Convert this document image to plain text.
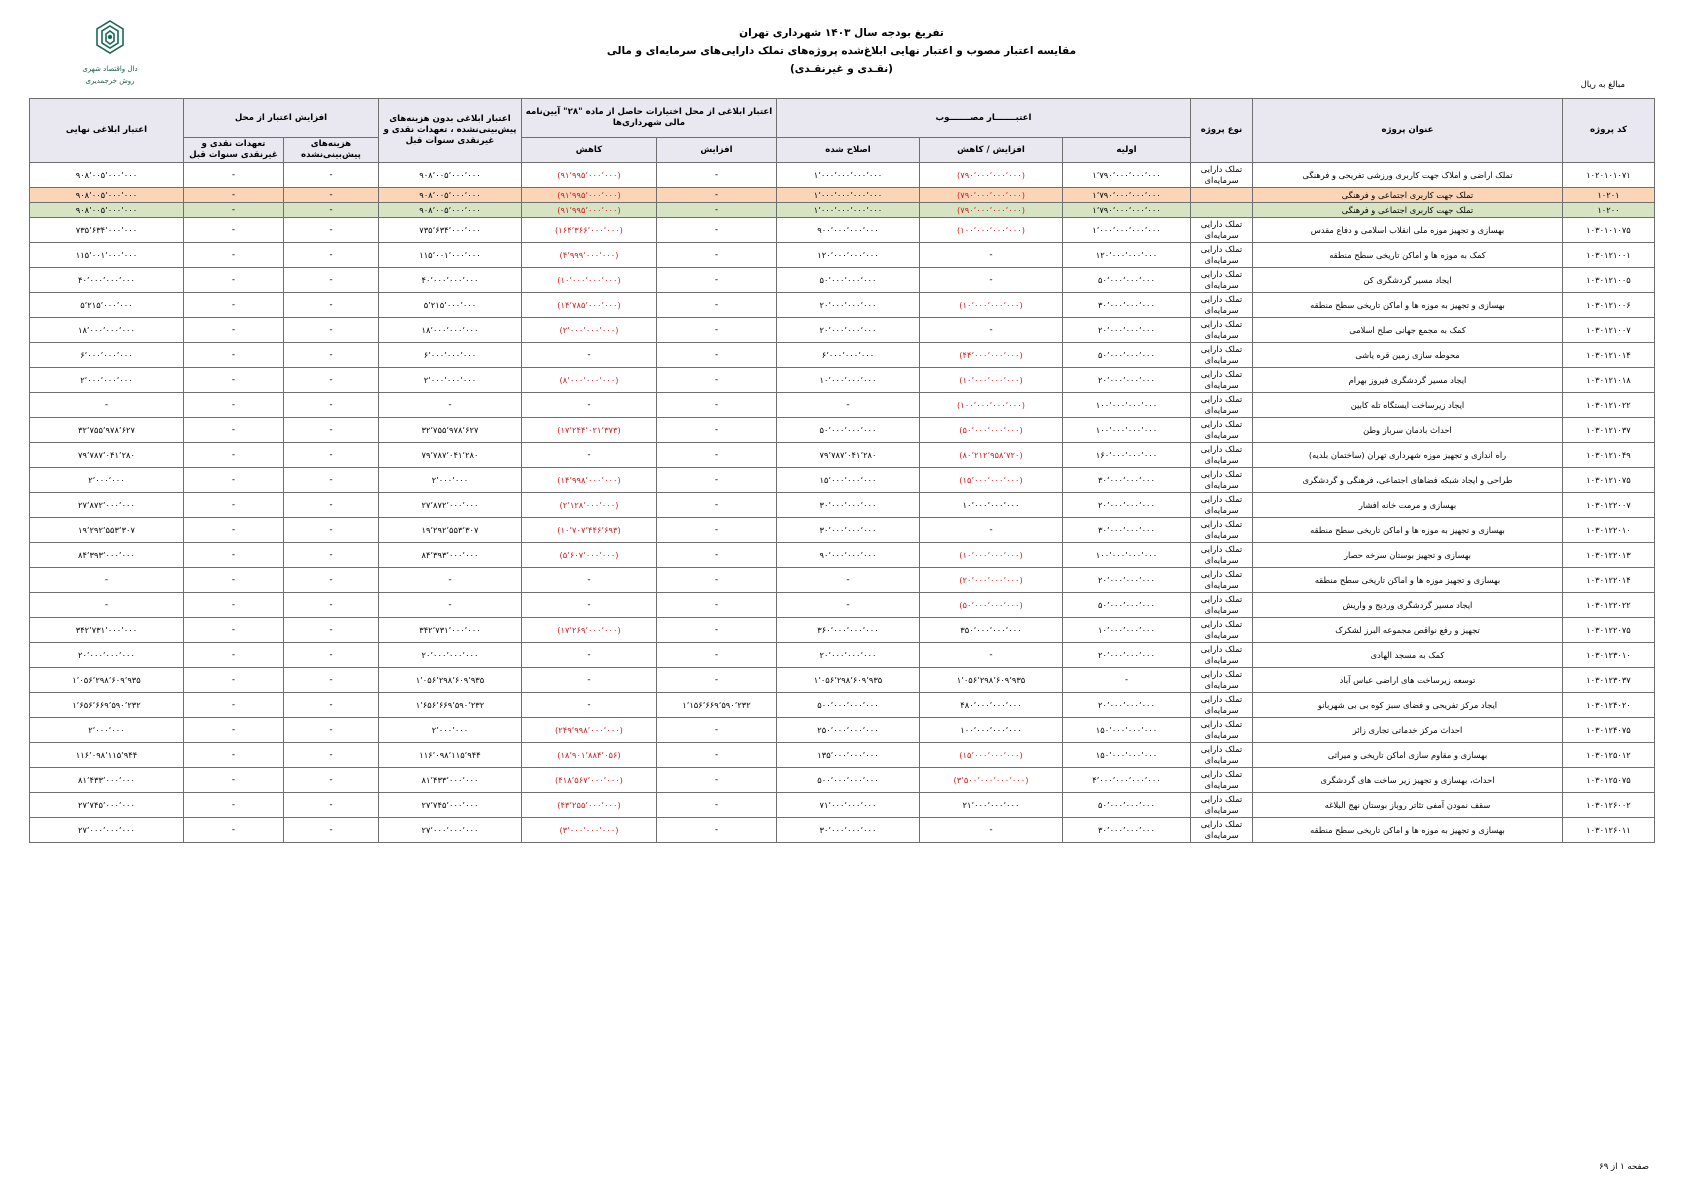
تفریغ بودجه سال ۱۴۰۳ شهرداری تهران
مقایسه اعتبار مصوب و اعتبار نهایی ابلاغ‌شده پروژه‌های تملک دارایی‌های سرمایه‌ای و مالی
(نقـدی و غیرنقـدی)
دال واقتصاد شهری
روش خرجمدیری	مبالغ به ریال
کد پروژه	عنوان پروژه	نوع پروژه	اعتبـــــــار مصـــــــوب			اعتبار ابلاغی از محل اختیارات حاصل از ماده "۲۸" آیین‌نامه مالی شهرداری‌ها		اعتبار ابلاغی بدون هزینه‌های پیش‌بینی‌نشده ، تعهدات نقدی و غیرنقدی سنوات قبل	افزایش اعتبار از محل		اعتبار ابلاغی نهایی
			اولیه	افزایش / کاهش	اصلاح شده	افزایش	کاهش		هزینه‌های پیش‌بینی‌نشده	تعهدات نقدی و غیرنقدی سنوات قبل	
۱۰۲۰۱۰۱۰۷۱	تملک اراضی و املاک جهت کاربری ورزشی تفریحی و فرهنگی	تملک دارایی سرمایه‌ای	۱٬۷۹۰٬۰۰۰٬۰۰۰٬۰۰۰	(۷۹۰٬۰۰۰٬۰۰۰٬۰۰۰)	۱٬۰۰۰٬۰۰۰٬۰۰۰٬۰۰۰	-	(۹۱٬۹۹۵٬۰۰۰٬۰۰۰)	۹۰۸٬۰۰۵٬۰۰۰٬۰۰۰	-	-	۹۰۸٬۰۰۵٬۰۰۰٬۰۰۰
۱۰۲۰۱	تملک جهت کاربری اجتماعی و فرهنگی		۱٬۷۹۰٬۰۰۰٬۰۰۰٬۰۰۰	(۷۹۰٬۰۰۰٬۰۰۰٬۰۰۰)	۱٬۰۰۰٬۰۰۰٬۰۰۰٬۰۰۰	-	(۹۱٬۹۹۵٬۰۰۰٬۰۰۰)	۹۰۸٬۰۰۵٬۰۰۰٬۰۰۰	-	-	۹۰۸٬۰۰۵٬۰۰۰٬۰۰۰
۱۰۲۰۰	تملک جهت کاربری اجتماعی و فرهنگی		۱٬۷۹۰٬۰۰۰٬۰۰۰٬۰۰۰	(۷۹۰٬۰۰۰٬۰۰۰٬۰۰۰)	۱٬۰۰۰٬۰۰۰٬۰۰۰٬۰۰۰	-	(۹۱٬۹۹۵٬۰۰۰٬۰۰۰)	۹۰۸٬۰۰۵٬۰۰۰٬۰۰۰	-	-	۹۰۸٬۰۰۵٬۰۰۰٬۰۰۰
۱۰۳۰۱۰۱۰۷۵	بهسازی و تجهیز موزه ملی انقلاب اسلامی و دفاع مقدس	تملک دارایی سرمایه‌ای	۱٬۰۰۰٬۰۰۰٬۰۰۰٬۰۰۰	(۱۰۰٬۰۰۰٬۰۰۰٬۰۰۰)	۹۰۰٬۰۰۰٬۰۰۰٬۰۰۰	-	(۱۶۴٬۳۶۶٬۰۰۰٬۰۰۰)	۷۳۵٬۶۳۴٬۰۰۰٬۰۰۰	-	-	۷۳۵٬۶۳۴٬۰۰۰٬۰۰۰
۱۰۳۰۱۲۱۰۰۱	کمک به موزه ها و اماکن تاریخی سطح منطقه	تملک دارایی سرمایه‌ای	۱۲۰٬۰۰۰٬۰۰۰٬۰۰۰	-	۱۲۰٬۰۰۰٬۰۰۰٬۰۰۰	-	(۴٬۹۹۹٬۰۰۰٬۰۰۰)	۱۱۵٬۰۰۱٬۰۰۰٬۰۰۰	-	-	۱۱۵٬۰۰۱٬۰۰۰٬۰۰۰
۱۰۳۰۱۲۱۰۰۵	ایجاد مسیر گردشگری کن	تملک دارایی سرمایه‌ای	۵۰٬۰۰۰٬۰۰۰٬۰۰۰	-	۵۰٬۰۰۰٬۰۰۰٬۰۰۰	-	(۱۰٬۰۰۰٬۰۰۰٬۰۰۰)	۴۰٬۰۰۰٬۰۰۰٬۰۰۰	-	-	۴۰٬۰۰۰٬۰۰۰٬۰۰۰
۱۰۳۰۱۲۱۰۰۶	بهسازی و تجهیز به موزه ها و اماکن تاریخی سطح منطقه	تملک دارایی سرمایه‌ای	۳۰٬۰۰۰٬۰۰۰٬۰۰۰	(۱۰٬۰۰۰٬۰۰۰٬۰۰۰)	۲۰٬۰۰۰٬۰۰۰٬۰۰۰	-	(۱۴٬۷۸۵٬۰۰۰٬۰۰۰)	۵٬۲۱۵٬۰۰۰٬۰۰۰	-	-	۵٬۲۱۵٬۰۰۰٬۰۰۰
۱۰۳۰۱۲۱۰۰۷	کمک به مجمع جهانی صلح اسلامی	تملک دارایی سرمایه‌ای	۲۰٬۰۰۰٬۰۰۰٬۰۰۰	-	۲۰٬۰۰۰٬۰۰۰٬۰۰۰	-	(۲٬۰۰۰٬۰۰۰٬۰۰۰)	۱۸٬۰۰۰٬۰۰۰٬۰۰۰	-	-	۱۸٬۰۰۰٬۰۰۰٬۰۰۰
۱۰۳۰۱۲۱۰۱۴	محوطه سازی زمین قره یاشی	تملک دارایی سرمایه‌ای	۵۰٬۰۰۰٬۰۰۰٬۰۰۰	(۴۴٬۰۰۰٬۰۰۰٬۰۰۰)	۶٬۰۰۰٬۰۰۰٬۰۰۰	-	-	۶٬۰۰۰٬۰۰۰٬۰۰۰	-	-	۶٬۰۰۰٬۰۰۰٬۰۰۰
۱۰۳۰۱۲۱۰۱۸	ایجاد مسیر گردشگری فیروز بهرام	تملک دارایی سرمایه‌ای	۲۰٬۰۰۰٬۰۰۰٬۰۰۰	(۱۰٬۰۰۰٬۰۰۰٬۰۰۰)	۱۰٬۰۰۰٬۰۰۰٬۰۰۰	-	(۸٬۰۰۰٬۰۰۰٬۰۰۰)	۲٬۰۰۰٬۰۰۰٬۰۰۰	-	-	۲٬۰۰۰٬۰۰۰٬۰۰۰
۱۰۳۰۱۲۱۰۲۲	ایجاد زیرساخت ایستگاه تله کابین	تملک دارایی سرمایه‌ای	۱۰۰٬۰۰۰٬۰۰۰٬۰۰۰	(۱۰۰٬۰۰۰٬۰۰۰٬۰۰۰)	-	-	-	-	-	-	-
۱۰۳۰۱۲۱۰۳۷	احداث بادمان سرباز وطن	تملک دارایی سرمایه‌ای	۱۰۰٬۰۰۰٬۰۰۰٬۰۰۰	(۵۰٬۰۰۰٬۰۰۰٬۰۰۰)	۵۰٬۰۰۰٬۰۰۰٬۰۰۰	-	(۱۷٬۲۴۴٬۰۲۱٬۳۷۳)	۳۲٬۷۵۵٬۹۷۸٬۶۲۷	-	-	۳۲٬۷۵۵٬۹۷۸٬۶۲۷
۱۰۳۰۱۲۱۰۴۹	راه اندازی و تجهیز موزه شهرداری تهران (ساختمان بلدیه)	تملک دارایی سرمایه‌ای	۱۶۰٬۰۰۰٬۰۰۰٬۰۰۰	(۸۰٬۲۱۲٬۹۵۸٬۷۲۰)	۷۹٬۷۸۷٬۰۴۱٬۲۸۰	-	-	۷۹٬۷۸۷٬۰۴۱٬۲۸۰	-	-	۷۹٬۷۸۷٬۰۴۱٬۲۸۰
۱۰۳۰۱۲۱۰۷۵	طراحی و ایجاد شبکه فضاهای اجتماعی، فرهنگی و گردشگری	تملک دارایی سرمایه‌ای	۳۰٬۰۰۰٬۰۰۰٬۰۰۰	(۱۵٬۰۰۰٬۰۰۰٬۰۰۰)	۱۵٬۰۰۰٬۰۰۰٬۰۰۰	-	(۱۴٬۹۹۸٬۰۰۰٬۰۰۰)	۲٬۰۰۰٬۰۰۰	-	-	۲٬۰۰۰٬۰۰۰
۱۰۳۰۱۲۲۰۰۷	بهسازی و مرمت خانه افشار	تملک دارایی سرمایه‌ای	۲۰٬۰۰۰٬۰۰۰٬۰۰۰	۱۰٬۰۰۰٬۰۰۰٬۰۰۰	۳۰٬۰۰۰٬۰۰۰٬۰۰۰	-	(۲٬۱۲۸٬۰۰۰٬۰۰۰)	۲۷٬۸۷۲٬۰۰۰٬۰۰۰	-	-	۲۷٬۸۷۲٬۰۰۰٬۰۰۰
۱۰۳۰۱۲۲۰۱۰	بهسازی و تجهیز به موزه ها و اماکن تاریخی سطح منطقه	تملک دارایی سرمایه‌ای	۳۰٬۰۰۰٬۰۰۰٬۰۰۰	-	۳۰٬۰۰۰٬۰۰۰٬۰۰۰	-	(۱۰٬۷۰۷٬۴۴۶٬۶۹۳)	۱۹٬۲۹۲٬۵۵۳٬۳۰۷	-	-	۱۹٬۲۹۲٬۵۵۳٬۳۰۷
۱۰۳۰۱۲۲۰۱۳	بهسازی و تجهیز بوستان سرخه حصار	تملک دارایی سرمایه‌ای	۱۰۰٬۰۰۰٬۰۰۰٬۰۰۰	(۱۰٬۰۰۰٬۰۰۰٬۰۰۰)	۹۰٬۰۰۰٬۰۰۰٬۰۰۰	-	(۵٬۶۰۷٬۰۰۰٬۰۰۰)	۸۴٬۳۹۳٬۰۰۰٬۰۰۰	-	-	۸۴٬۳۹۳٬۰۰۰٬۰۰۰
۱۰۳۰۱۲۲۰۱۴	بهسازی و تجهیز موزه ها و اماکن تاریخی سطح منطقه	تملک دارایی سرمایه‌ای	۲۰٬۰۰۰٬۰۰۰٬۰۰۰	(۲۰٬۰۰۰٬۰۰۰٬۰۰۰)	-	-	-	-	-	-	-
۱۰۳۰۱۲۲۰۲۲	ایجاد مسیر گردشگری وردیج و واریش	تملک دارایی سرمایه‌ای	۵۰٬۰۰۰٬۰۰۰٬۰۰۰	(۵۰٬۰۰۰٬۰۰۰٬۰۰۰)	-	-	-	-	-	-	-
۱۰۳۰۱۲۲۰۷۵	تجهیز و رفع نواقص مجموعه البرز لشکرک	تملک دارایی سرمایه‌ای	۱۰٬۰۰۰٬۰۰۰٬۰۰۰	۳۵۰٬۰۰۰٬۰۰۰٬۰۰۰	۳۶۰٬۰۰۰٬۰۰۰٬۰۰۰	-	(۱۷٬۲۶۹٬۰۰۰٬۰۰۰)	۳۴۲٬۷۳۱٬۰۰۰٬۰۰۰	-	-	۳۴۲٬۷۳۱٬۰۰۰٬۰۰۰
۱۰۳۰۱۲۳۰۱۰	کمک به مسجد الهادی	تملک دارایی سرمایه‌ای	۲۰٬۰۰۰٬۰۰۰٬۰۰۰	-	۲۰٬۰۰۰٬۰۰۰٬۰۰۰	-	-	۲۰٬۰۰۰٬۰۰۰٬۰۰۰	-	-	۲۰٬۰۰۰٬۰۰۰٬۰۰۰
۱۰۳۰۱۲۳۰۳۷	توسعه زیرساخت های اراضی عباس آباد	تملک دارایی سرمایه‌ای	-	۱٬۰۵۶٬۲۹۸٬۶۰۹٬۹۳۵	۱٬۰۵۶٬۲۹۸٬۶۰۹٬۹۳۵	-	-	۱٬۰۵۶٬۲۹۸٬۶۰۹٬۹۳۵	-	-	۱٬۰۵۶٬۲۹۸٬۶۰۹٬۹۳۵
۱۰۳۰۱۲۴۰۲۰	ایجاد مرکز تفریحی و فضای سبز کوه بی بی شهربانو	تملک دارایی سرمایه‌ای	۲۰٬۰۰۰٬۰۰۰٬۰۰۰	۴۸۰٬۰۰۰٬۰۰۰٬۰۰۰	۵۰۰٬۰۰۰٬۰۰۰٬۰۰۰	۱٬۱۵۶٬۶۶۹٬۵۹۰٬۲۳۲	-	۱٬۶۵۶٬۶۶۹٬۵۹۰٬۲۳۲	-	-	۱٬۶۵۶٬۶۶۹٬۵۹۰٬۲۳۲
۱۰۳۰۱۲۴۰۷۵	احداث مرکز خدماتی تجاری زائر	تملک دارایی سرمایه‌ای	۱۵۰٬۰۰۰٬۰۰۰٬۰۰۰	۱۰۰٬۰۰۰٬۰۰۰٬۰۰۰	۲۵۰٬۰۰۰٬۰۰۰٬۰۰۰	-	(۲۴۹٬۹۹۸٬۰۰۰٬۰۰۰)	۲٬۰۰۰٬۰۰۰	-	-	۲٬۰۰۰٬۰۰۰
۱۰۳۰۱۲۵۰۱۲	بهسازی و مقاوم سازی اماکن تاریخی و میراثی	تملک دارایی سرمایه‌ای	۱۵۰٬۰۰۰٬۰۰۰٬۰۰۰	(۱۵٬۰۰۰٬۰۰۰٬۰۰۰)	۱۳۵٬۰۰۰٬۰۰۰٬۰۰۰	-	(۱۸٬۹۰۱٬۸۸۴٬۰۵۶)	۱۱۶٬۰۹۸٬۱۱۵٬۹۴۴	-	-	۱۱۶٬۰۹۸٬۱۱۵٬۹۴۴
۱۰۳۰۱۲۵۰۷۵	احداث، بهسازی و تجهیز زیر ساخت های گردشگری	تملک دارایی سرمایه‌ای	۴٬۰۰۰٬۰۰۰٬۰۰۰٬۰۰۰	(۳٬۵۰۰٬۰۰۰٬۰۰۰٬۰۰۰)	۵۰۰٬۰۰۰٬۰۰۰٬۰۰۰	-	(۴۱۸٬۵۶۷٬۰۰۰٬۰۰۰)	۸۱٬۴۳۳٬۰۰۰٬۰۰۰	-	-	۸۱٬۴۳۳٬۰۰۰٬۰۰۰
۱۰۳۰۱۲۶۰۰۲	سقف نمودن آمفی تئاتر روباز بوستان نهج البلاغه	تملک دارایی سرمایه‌ای	۵۰٬۰۰۰٬۰۰۰٬۰۰۰	۲۱٬۰۰۰٬۰۰۰٬۰۰۰	۷۱٬۰۰۰٬۰۰۰٬۰۰۰	-	(۴۳٬۲۵۵٬۰۰۰٬۰۰۰)	۲۷٬۷۴۵٬۰۰۰٬۰۰۰	-	-	۲۷٬۷۴۵٬۰۰۰٬۰۰۰
۱۰۳۰۱۲۶۰۱۱	بهسازی و تجهیز به موزه ها و اماکن تاریخی سطح منطقه	تملک دارایی سرمایه‌ای	۳۰٬۰۰۰٬۰۰۰٬۰۰۰	-	۳۰٬۰۰۰٬۰۰۰٬۰۰۰	-	(۳٬۰۰۰٬۰۰۰٬۰۰۰)	۲۷٬۰۰۰٬۰۰۰٬۰۰۰	-	-	۲۷٬۰۰۰٬۰۰۰٬۰۰۰
صفحه ۱ از ۶۹
